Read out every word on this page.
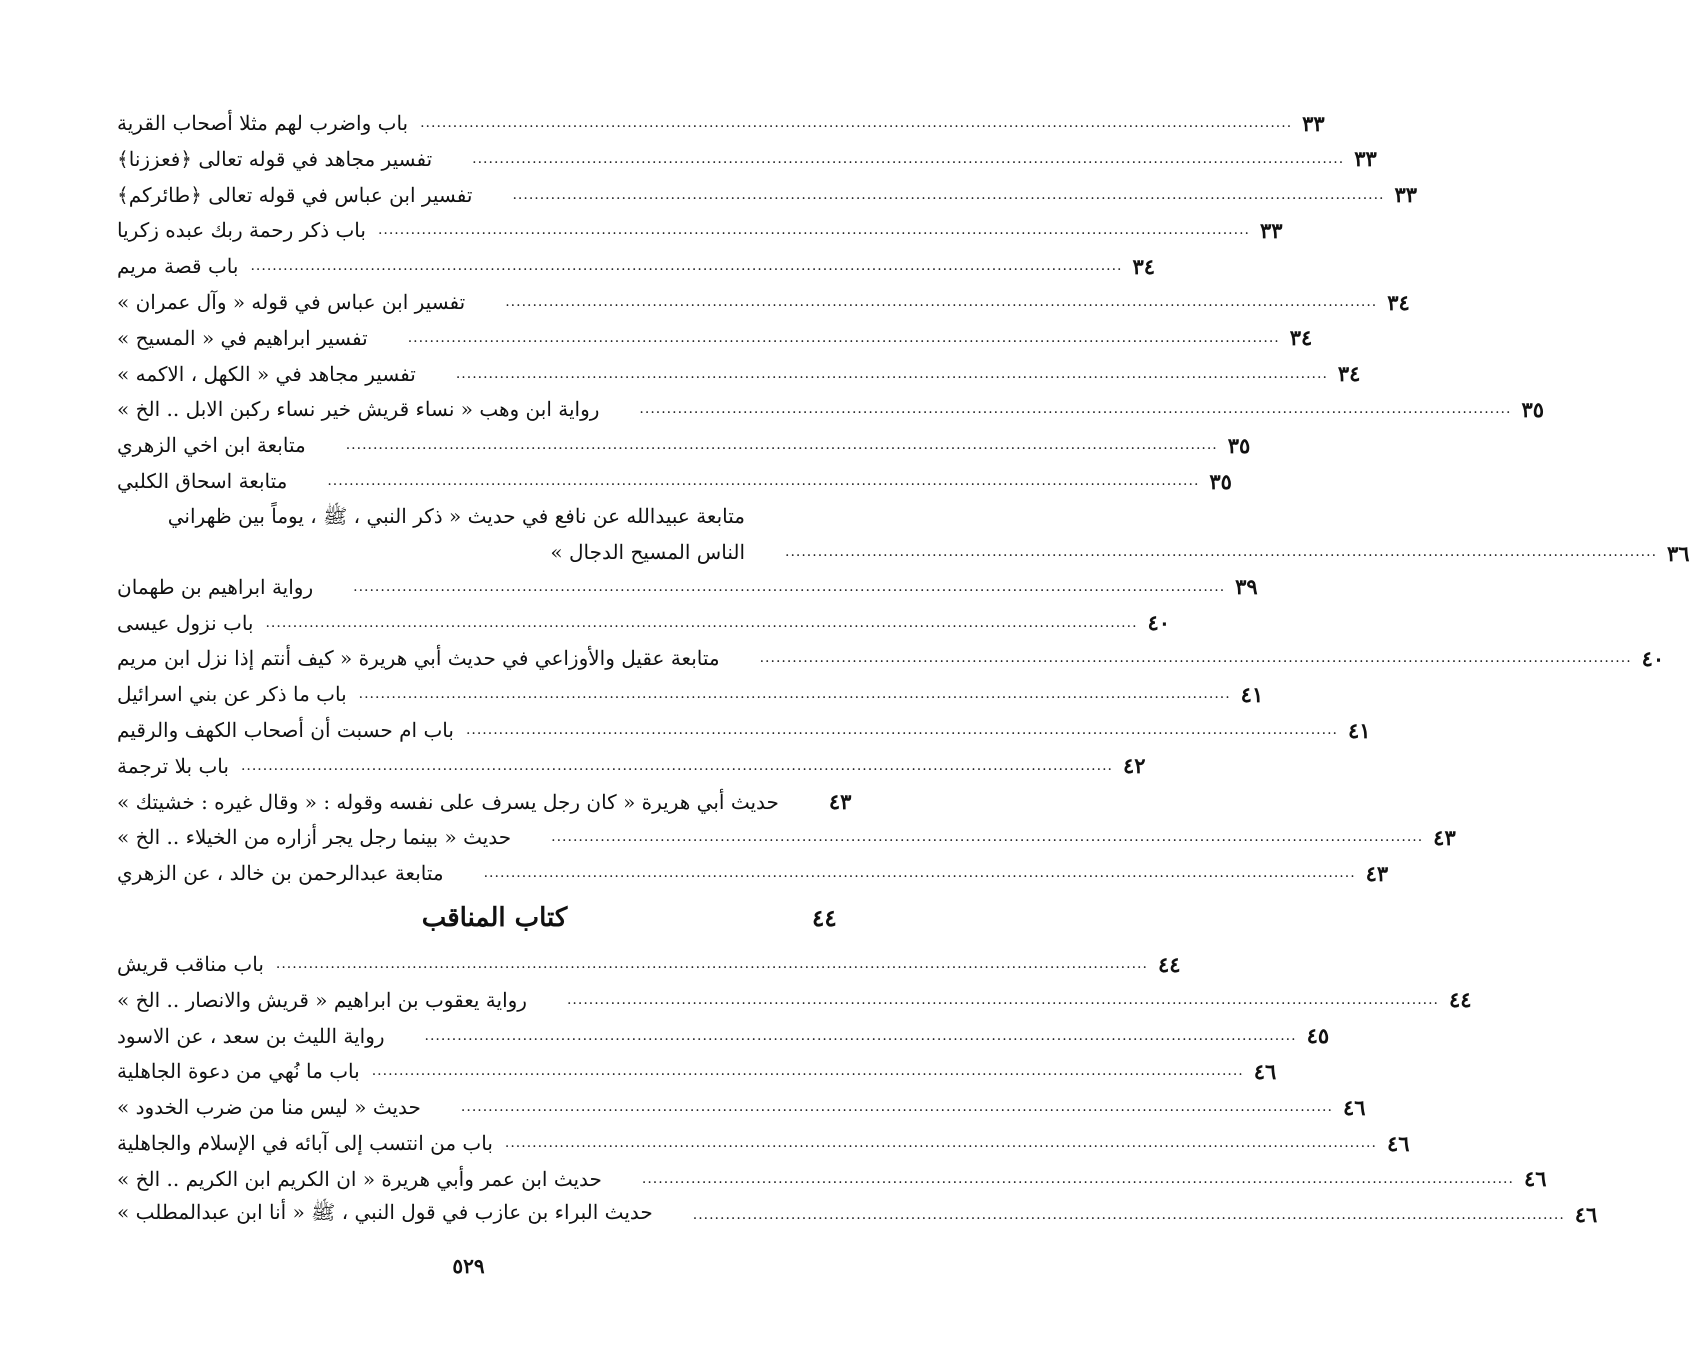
باب واضرب لهم مثلا أصحاب القرية ................................................................................................................................................................ ٣٣
تفسير مجاهد في قوله تعالى ﴿فعززنا﴾	................................................................................................................................................................ ٣٣
تفسير ابن عباس في قوله تعالى ﴿طائركم﴾	................................................................................................................................................................ ٣٣
باب ذكر رحمة ربك عبده زكريا ................................................................................................................................................................ ٣٣
باب قصة مريم ................................................................................................................................................................ ٣٤
تفسير ابن عباس في قوله « وآل عمران »	................................................................................................................................................................ ٣٤
تفسير ابراهيم في « المسيح »	................................................................................................................................................................ ٣٤
تفسير مجاهد في « الكهل ، الاكمه »	................................................................................................................................................................ ٣٤
رواية ابن وهب « نساء قريش خير نساء ركبن الابل .. الخ »	................................................................................................................................................................ ٣٥
متابعة ابن اخي الزهري	................................................................................................................................................................ ٣٥
متابعة اسحاق الكلبي	................................................................................................................................................................ ٣٥
متابعة عبيدالله عن نافع في حديث « ذكر النبي ، ﷺ ، يوماً بين ظهراني الناس المسيح الدجال »	................................................................................................................................................................ ٣٦
رواية ابراهيم بن طهمان	................................................................................................................................................................ ٣٩
باب نزول عيسى ................................................................................................................................................................ ٤٠
متابعة عقيل والأوزاعي في حديث أبي هريرة « كيف أنتم إذا نزل ابن مريم	................................................................................................................................................................ ٤٠
باب ما ذكر عن بني اسرائيل ................................................................................................................................................................ ٤١
باب ام حسبت أن أصحاب الكهف والرقيم ................................................................................................................................................................ ٤١
باب بلا ترجمة ................................................................................................................................................................ ٤٢
حديث أبي هريرة « كان رجل يسرف على نفسه وقوله : « وقال غيره : خشيتك »	٤٣
حديث « بينما رجل يجر أزاره من الخيلاء .. الخ »	................................................................................................................................................................ ٤٣
متابعة عبدالرحمن بن خالد ، عن الزهري	................................................................................................................................................................ ٤٣
كتاب المناقب	٤٤
باب مناقب قريش ................................................................................................................................................................ ٤٤
رواية يعقوب بن ابراهيم « قريش والانصار .. الخ »	................................................................................................................................................................ ٤٤
رواية الليث بن سعد ، عن الاسود	................................................................................................................................................................ ٤٥
باب ما نُهي من دعوة الجاهلية ................................................................................................................................................................ ٤٦
حديث « ليس منا من ضرب الخدود »	................................................................................................................................................................ ٤٦
باب من انتسب إلى آبائه في الإسلام والجاهلية ................................................................................................................................................................ ٤٦
حديث ابن عمر وأبي هريرة « ان الكريم ابن الكريم .. الخ »	................................................................................................................................................................ ٤٦
حديث البراء بن عازب في قول النبي ، ﷺ « أنا ابن عبدالمطلب »	................................................................................................................................................................ ٤٦
٥٢٩
